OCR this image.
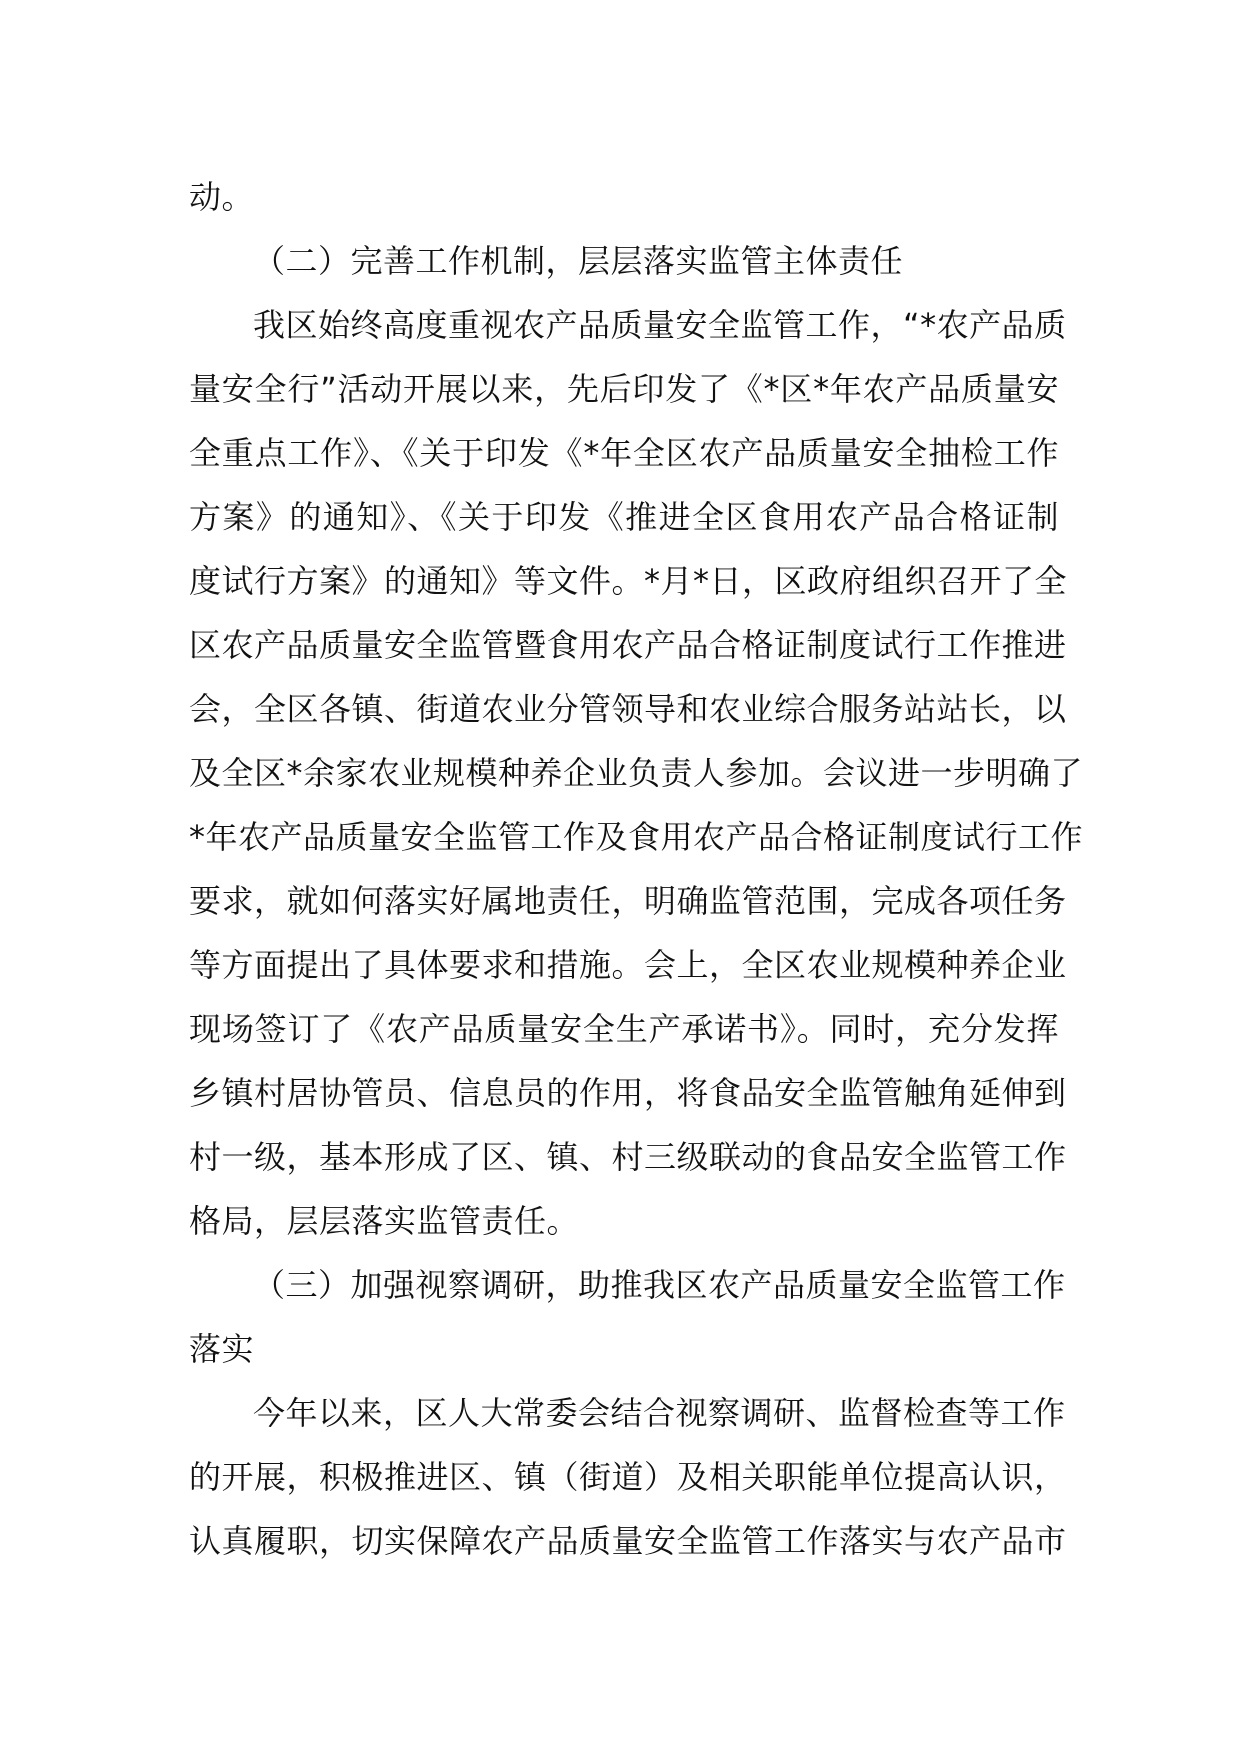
动。
（二）完善工作机制，层层落实监管主体责任
我区始终高度重视农产品质量安全监管工作，“*农产品质
量安全行”活动开展以来，先后印发了《*区*年农产品质量安
全重点工作》、《关于印发《*年全区农产品质量安全抽检工作
方案》的通知》、《关于印发《推进全区食用农产品合格证制
度试行方案》的通知》等文件。*月*日，区政府组织召开了全
区农产品质量安全监管暨食用农产品合格证制度试行工作推进
会，全区各镇、街道农业分管领导和农业综合服务站站长，以
及全区*余家农业规模种养企业负责人参加。会议进一步明确了
*年农产品质量安全监管工作及食用农产品合格证制度试行工作
要求，就如何落实好属地责任，明确监管范围，完成各项任务
等方面提出了具体要求和措施。会上，全区农业规模种养企业
现场签订了《农产品质量安全生产承诺书》。同时，充分发挥
乡镇村居协管员、信息员的作用，将食品安全监管触角延伸到
村一级，基本形成了区、镇、村三级联动的食品安全监管工作
格局，层层落实监管责任。
（三）加强视察调研，助推我区农产品质量安全监管工作
落实
今年以来，区人大常委会结合视察调研、监督检查等工作
的开展，积极推进区、镇（街道）及相关职能单位提高认识，
认真履职，切实保障农产品质量安全监管工作落实与农产品市
